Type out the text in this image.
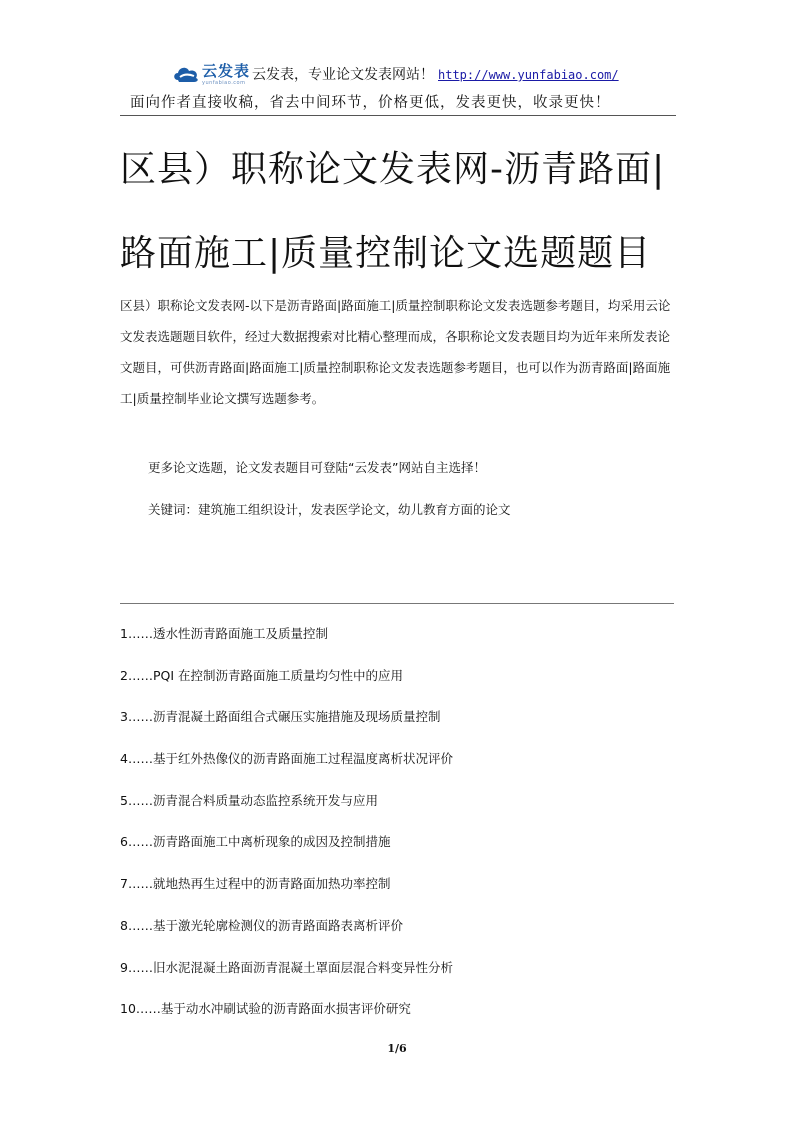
云发表
yunfabiao.com 云发表，专业论文发表网站！ http://www.yunfabiao.com/
面向作者直接收稿，省去中间环节，价格更低，发表更快，收录更快！
区县）职称论文发表网-沥青路面|路面施工|质量控制论文选题题目

区县）职称论文发表网-以下是沥青路面|路面施工|质量控制职称论文发表选题参考题目，均采用云论文发表选题题目软件，经过大数据搜索对比精心整理而成，各职称论文发表题目均为近年来所发表论文题目，可供沥青路面|路面施工|质量控制职称论文发表选题参考题目，也可以作为沥青路面|路面施工|质量控制毕业论文撰写选题参考。

更多论文选题，论文发表题目可登陆“云发表”网站自主选择！

关键词：建筑施工组织设计，发表医学论文，幼儿教育方面的论文

1……透水性沥青路面施工及质量控制
2……PQI 在控制沥青路面施工质量均匀性中的应用
3……沥青混凝土路面组合式碾压实施措施及现场质量控制
4……基于红外热像仪的沥青路面施工过程温度离析状况评价
5……沥青混合料质量动态监控系统开发与应用
6……沥青路面施工中离析现象的成因及控制措施
7……就地热再生过程中的沥青路面加热功率控制
8……基于激光轮廓检测仪的沥青路面路表离析评价
9……旧水泥混凝土路面沥青混凝土罩面层混合料变异性分析
10……基于动水冲刷试验的沥青路面水损害评价研究
1/6
